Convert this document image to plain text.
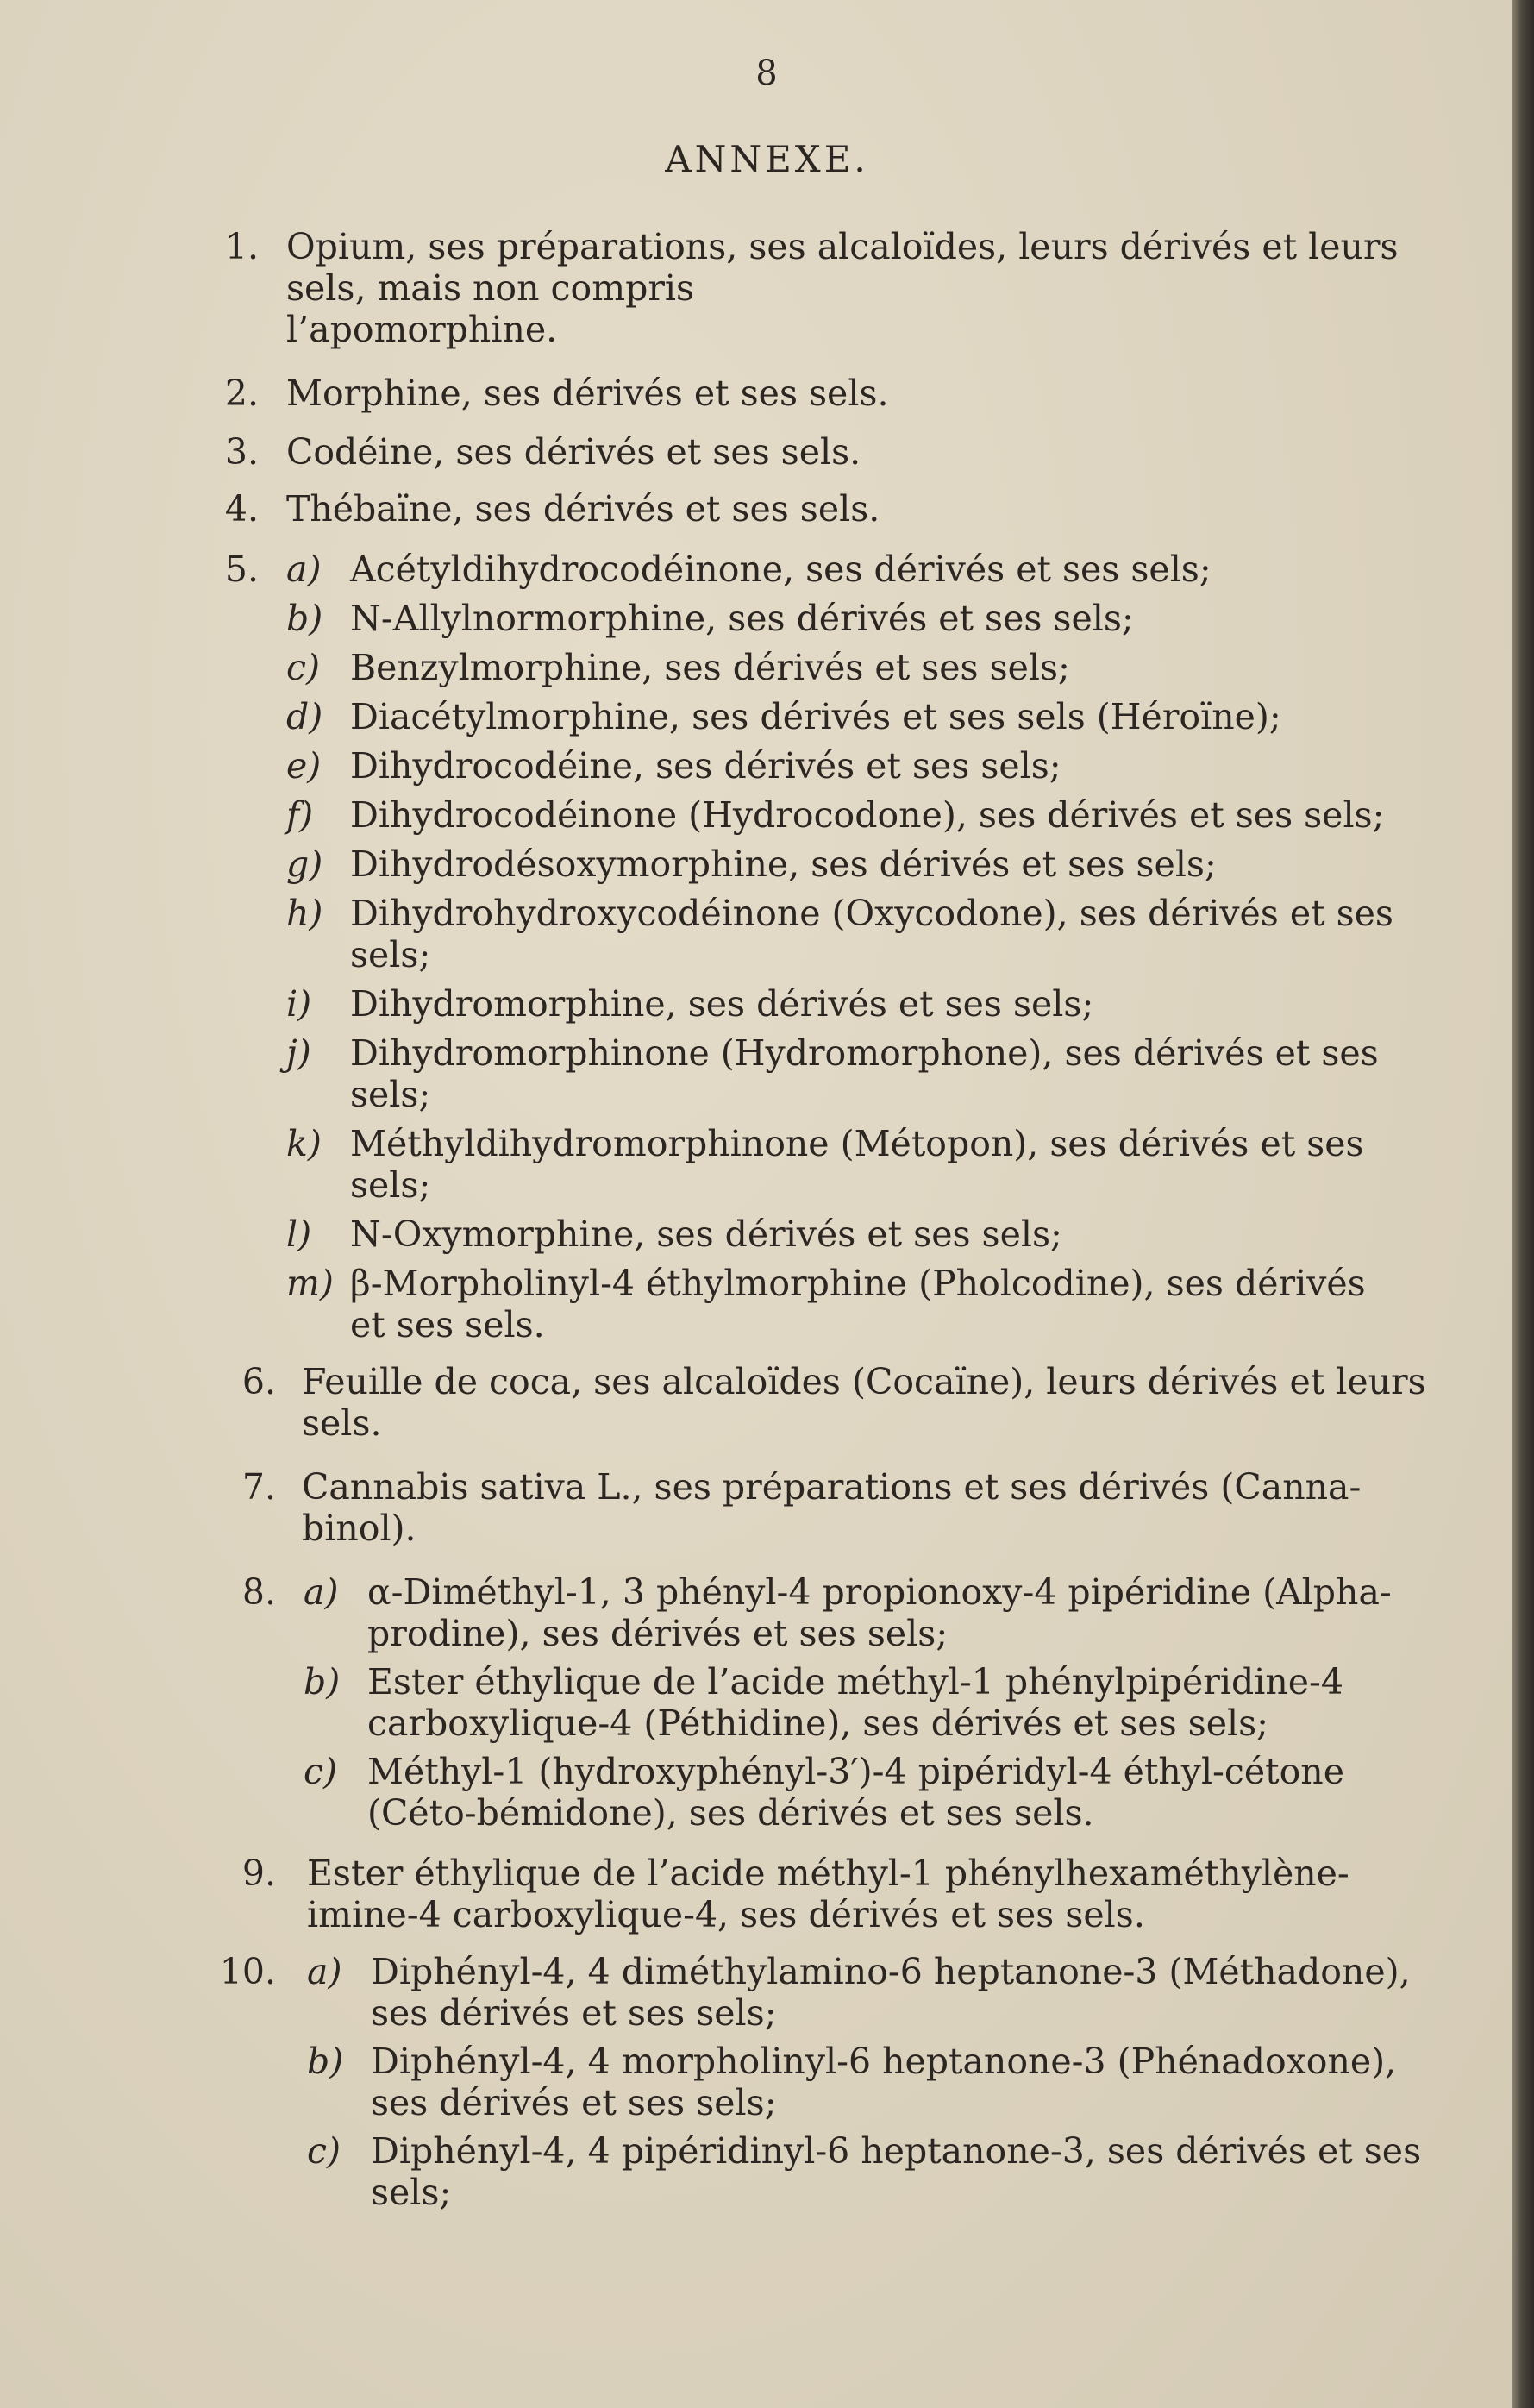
8
ANNEXE.
1. Opium, ses préparations, ses alcaloïdes, leurs dérivés et leurs
sels, mais non compris
l’apomorphine.
2. Morphine, ses dérivés et ses sels.
3. Codéine, ses dérivés et ses sels.
4. Thébaïne, ses dérivés et ses sels.
5. a) Acétyldihydrocodéinone, ses dérivés et ses sels;
b) N-Allylnormorphine, ses dérivés et ses sels;
c) Benzylmorphine, ses dérivés et ses sels;
d) Diacétylmorphine, ses dérivés et ses sels (Héroïne);
e) Dihydrocodéine, ses dérivés et ses sels;
f) Dihydrocodéinone (Hydrocodone), ses dérivés et ses sels;
g) Dihydrodésoxymorphine, ses dérivés et ses sels;
h) Dihydrohydroxycodéinone (Oxycodone), ses dérivés et ses
sels;
i) Dihydromorphine, ses dérivés et ses sels;
j) Dihydromorphinone (Hydromorphone), ses dérivés et ses
sels;
k) Méthyldihydromorphinone (Métopon), ses dérivés et ses
sels;
l) N-Oxymorphine, ses dérivés et ses sels;
m) β-Morpholinyl-4 éthylmorphine (Pholcodine), ses dérivés
et ses sels.
6. Feuille de coca, ses alcaloïdes (Cocaïne), leurs dérivés et leurs
sels.
7. Cannabis sativa L., ses préparations et ses dérivés (Canna-
binol).
8. a) α-Diméthyl-1, 3 phényl-4 propionoxy-4 pipéridine (Alpha-
prodine), ses dérivés et ses sels;
b) Ester éthylique de l’acide méthyl-1 phénylpipéridine-4
carboxylique-4 (Péthidine), ses dérivés et ses sels;
c) Méthyl-1 (hydroxyphényl-3′)-4 pipéridyl-4 éthyl-cétone
(Céto-bémidone), ses dérivés et ses sels.
9. Ester éthylique de l’acide méthyl-1 phénylhexaméthylène-
imine-4 carboxylique-4, ses dérivés et ses sels.
10. a) Diphényl-4, 4 diméthylamino-6 heptanone-3 (Méthadone),
ses dérivés et ses sels;
b) Diphényl-4, 4 morpholinyl-6 heptanone-3 (Phénadoxone),
ses dérivés et ses sels;
c) Diphényl-4, 4 pipéridinyl-6 heptanone-3, ses dérivés et ses
sels;
